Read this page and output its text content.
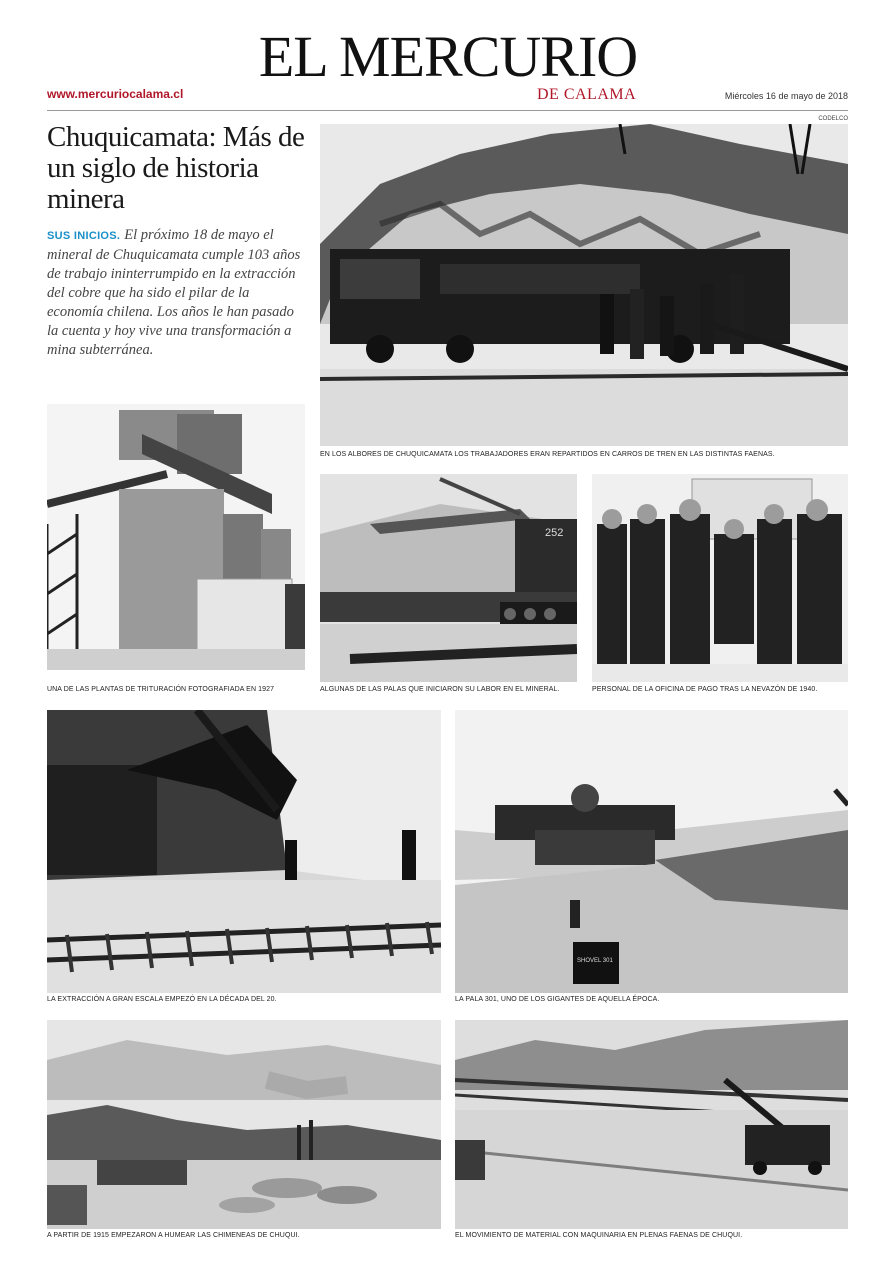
EL MERCURIO
DE CALAMA
www.mercuriocalama.cl	Miércoles 16 de mayo de 2018
CODELCO
Chuquicamata: Más de un siglo de historia minera

SUS INICIOS. El próximo 18 de mayo el mineral de Chuquicamata cumple 103 años de trabajo ininterrumpido en la extracción del cobre que ha sido el pilar de la economía chilena. Los años le han pasado la cuenta y hoy vive una transformación a mina subterránea.

EN LOS ALBORES DE CHUQUICAMATA LOS TRABAJADORES ERAN REPARTIDOS EN CARROS DE TREN EN LAS DISTINTAS FAENAS.
UNA DE LAS PLANTAS DE TRITURACIÓN FOTOGRAFIADA EN 1927
252
ALGUNAS DE LAS PALAS QUE INICIARON SU LABOR EN EL MINERAL.	PERSONAL DE LA OFICINA DE PAGO TRAS LA NEVAZÓN DE 1940.
LA EXTRACCIÓN A GRAN ESCALA EMPEZÓ EN LA DÉCADA DEL 20.
SHOVEL 301
LA PALA 301, UNO DE LOS GIGANTES DE AQUELLA ÉPOCA.
A PARTIR DE 1915 EMPEZARON A HUMEAR LAS CHIMENEAS DE CHUQUI.	EL MOVIMIENTO DE MATERIAL CON MAQUINARIA EN PLENAS FAENAS DE CHUQUI.
